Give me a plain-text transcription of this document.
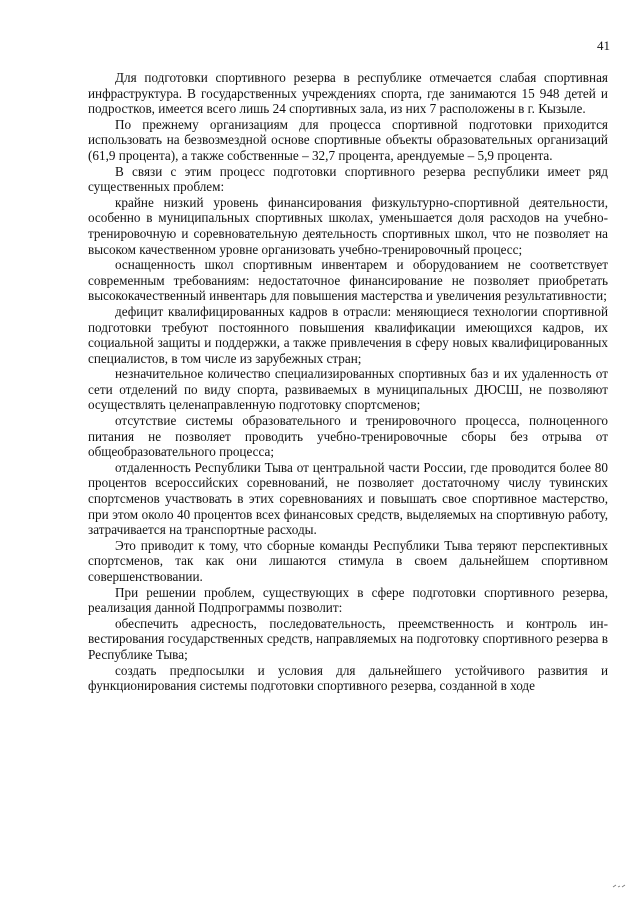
41

Для подготовки спортивного резерва в республике отмечается слабая спортивная инфраструктура. В государственных учреждениях спорта, где занимаются 15 948 детей и подростков, имеется всего лишь 24 спортивных зала, из них 7 расположены в г. Кызыле.

По прежнему организациям для процесса спортивной подготовки приходится использовать на безвозмездной основе спортивные объекты образовательных организаций (61,9 процента), а также собственные – 32,7 процента, арендуемые – 5,9 процента.

В связи с этим процесс подготовки спортивного резерва республики имеет ряд существенных проблем:

крайне низкий уровень финансирования физкультурно-спортивной деятельности, особенно в муниципальных спортивных школах, уменьшается доля расходов на учебно-тренировочную и соревновательную деятельность спортивных школ, что не позволяет на высоком качественном уровне организовать учебно-тренировочный процесс;

оснащенность школ спортивным инвентарем и оборудованием не соответствует современным требованиям: недостаточное финансирование не позволяет приобретать высококачественный инвентарь для повышения мастерства и увеличения результативности;

дефицит квалифицированных кадров в отрасли: меняющиеся технологии спортивной подготовки требуют постоянного повышения квалификации имеющихся кадров, их социальной защиты и поддержки, а также привлечения в сферу новых квалифицированных специалистов, в том числе из зарубежных стран;

незначительное количество специализированных спортивных баз и их удаленность от сети отделений по виду спорта, развиваемых в муниципальных ДЮСШ, не позволяют осуществлять целенаправленную подготовку спортсменов;

отсутствие системы образовательного и тренировочного процесса, полноценного питания не позволяет проводить учебно-тренировочные сборы без отрыва от общеобразовательного процесса;

отдаленность Республики Тыва от центральной части России, где проводится более 80 процентов всероссийских соревнований, не позволяет достаточному числу тувинских спортсменов участвовать в этих соревнованиях и повышать свое спортивное мастерство, при этом около 40 процентов всех финансовых средств, выделяемых на спортивную работу, затрачивается на транспортные расходы.

Это приводит к тому, что сборные команды Республики Тыва теряют перспективных спортсменов, так как они лишаются стимула в своем дальнейшем спортивном совершенствовании.

При решении проблем, существующих в сфере подготовки спортивного резерва, реализация данной Подпрограммы позволит:

обеспечить адресность, последовательность, преемственность и контроль инвестирования государственных средств, направляемых на подготовку спортивного резерва в Республике Тыва;

создать предпосылки и условия для дальнейшего устойчивого развития и функционирования системы подготовки спортивного резерва, созданной в ходе
